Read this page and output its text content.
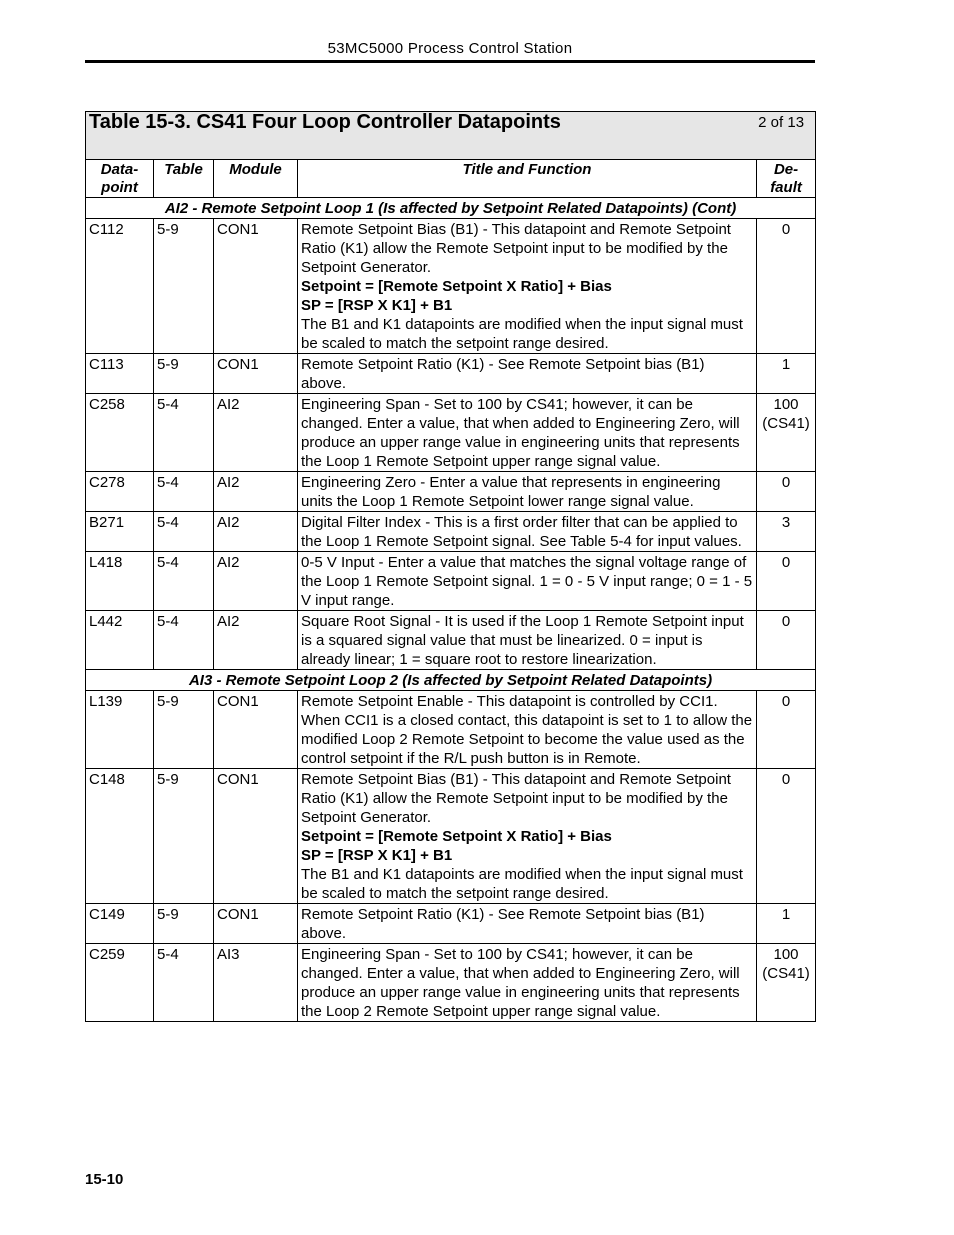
53MC5000 Process Control Station
Table 15-3. CS41 Four Loop Controller Datapoints 2 of 13				

Data-
point	Table	Module	Title and Function	De-
fault
AI2 - Remote Setpoint Loop 1 (Is affected by Setpoint Related Datapoints) (Cont)				
C112	5-9	CON1	Remote Setpoint Bias (B1) - This datapoint and Remote Setpoint Ratio (K1) allow the Remote Setpoint input to be modified by the Setpoint Generator.
Setpoint = [Remote Setpoint X Ratio] + Bias
SP = [RSP X K1] + B1
The B1 and K1 datapoints are modified when the input signal must be scaled to match the setpoint range desired.	0

C113	5-9	CON1	Remote Setpoint Ratio (K1) - See Remote Setpoint bias (B1) above.	1

C258	5-4	AI2	Engineering Span - Set to 100 by CS41; however, it can be changed. Enter a value, that when added to Engineering Zero, will produce an upper range value in engineering units that represents the Loop 1 Remote Setpoint upper range signal value.	100
(CS41)
C278	5-4	AI2	Engineering Zero - Enter a value that represents in engineering units the Loop 1 Remote Setpoint lower range signal value.	0

B271	5-4	AI2	Digital Filter Index - This is a first order filter that can be applied to the Loop 1 Remote Setpoint signal. See Table 5-4 for input values.	3

L418	5-4	AI2	0-5 V Input - Enter a value that matches the signal voltage range of the Loop 1 Remote Setpoint signal. 1 = 0 - 5 V input range; 0 = 1 - 5 V input range.	0

L442	5-4	AI2	Square Root Signal - It is used if the Loop 1 Remote Setpoint input is a squared signal value that must be linearized. 0 = input is already linear; 1 = square root to restore linearization.	0

AI3 - Remote Setpoint Loop 2 (Is affected by Setpoint Related Datapoints)				
L139	5-9	CON1	Remote Setpoint Enable - This datapoint is controlled by CCI1. When CCI1 is a closed contact, this datapoint is set to 1 to allow the modified Loop 2 Remote Setpoint to become the value used as the control setpoint if the R/L push button is in Remote.	0

C148	5-9	CON1	Remote Setpoint Bias (B1) - This datapoint and Remote Setpoint Ratio (K1) allow the Remote Setpoint input to be modified by the Setpoint Generator.
Setpoint = [Remote Setpoint X Ratio] + Bias
SP = [RSP X K1] + B1
The B1 and K1 datapoints are modified when the input signal must be scaled to match the setpoint range desired.	0

C149	5-9	CON1	Remote Setpoint Ratio (K1) - See Remote Setpoint bias (B1) above.	1

C259	5-4	AI3	Engineering Span - Set to 100 by CS41; however, it can be changed. Enter a value, that when added to Engineering Zero, will produce an upper range value in engineering units that represents the Loop 2 Remote Setpoint upper range signal value.	100
(CS41)
15-10
